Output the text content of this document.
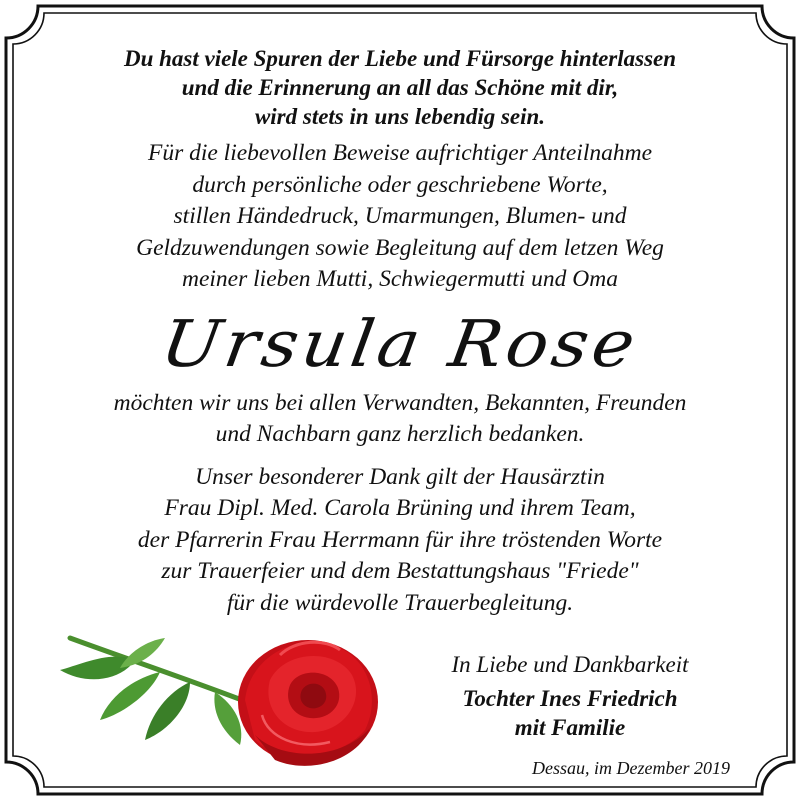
Du hast viele Spuren der Liebe und Fürsorge hinterlassen

und die Erinnerung an all das Schöne mit dir,

wird stets in uns lebendig sein.

Für die liebevollen Beweise aufrichtiger Anteilnahme

durch persönliche oder geschriebene Worte,

stillen Händedruck, Umarmungen, Blumen- und

Geldzuwendungen sowie Begleitung auf dem letzen Weg

meiner lieben Mutti, Schwiegermutti und Oma

Ursula Rose

möchten wir uns bei allen Verwandten, Bekannten, Freunden

und Nachbarn ganz herzlich bedanken.

Unser besonderer Dank gilt der Hausärztin

Frau Dipl. Med. Carola Brüning und ihrem Team,

der Pfarrerin Frau Herrmann für ihre tröstenden Worte

zur Trauerfeier und dem Bestattungshaus "Friede"

für die würdevolle Trauerbegleitung.

In Liebe und Dankbarkeit

Tochter Ines Friedrich

mit Familie

Dessau, im Dezember 2019
